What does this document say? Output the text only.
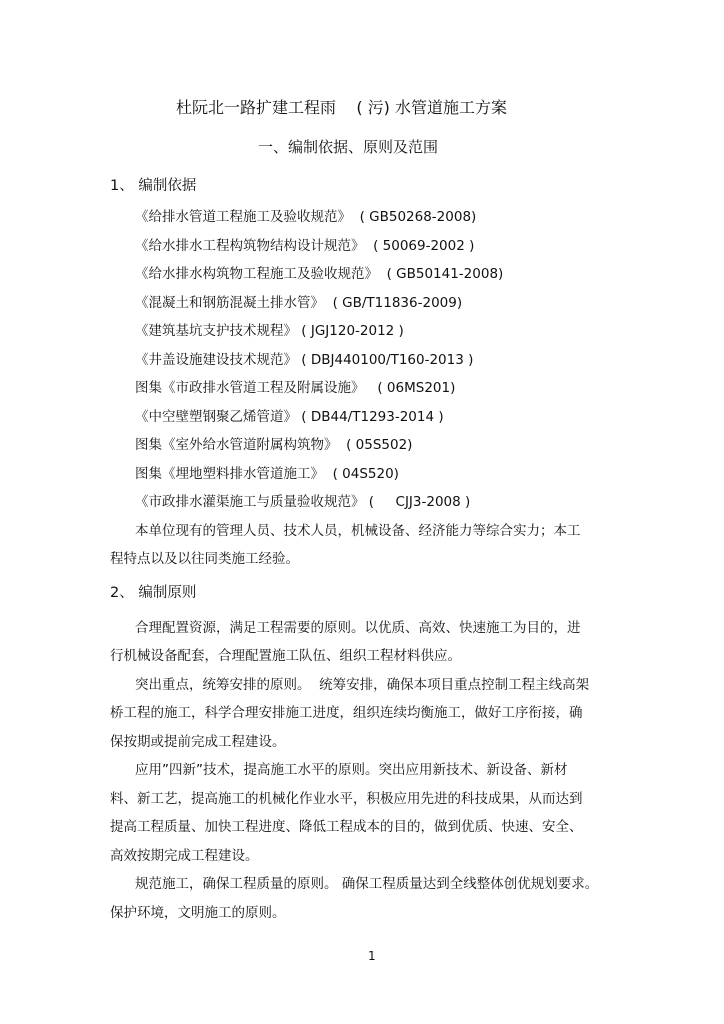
杜阮北一路扩建工程雨    ( 污) 水管道施工方案
一、编制依据、原则及范围
1、 编制依据
《给排水管道工程施工及验收规范》  ( GB50268-2008)
《给水排水工程构筑物结构设计规范》  ( 50069-2002 )
《给水排水构筑物工程施工及验收规范》  ( GB50141-2008)
《混凝土和钢筋混凝土排水管》  ( GB/T11836-2009)
《建筑基坑支护技术规程》 ( JGJ120-2012 )
《井盖设施建设技术规范》 ( DBJ440100/T160-2013 )
图集《市政排水管道工程及附属设施》   ( 06MS201)
《中空壁塑钢聚乙烯管道》 ( DB44/T1293-2014 )
图集《室外给水管道附属构筑物》  ( 05S502)
图集《埋地塑料排水管道施工》  ( 04S520)
《市政排水灌渠施工与质量验收规范》 (     CJJ3-2008 )
本单位现有的管理人员、技术人员，机械设备、经济能力等综合实力；本工
程特点以及以往同类施工经验。
2、 编制原则
合理配置资源，满足工程需要的原则。以优质、高效、快速施工为目的，进
行机械设备配套，合理配置施工队伍、组织工程材料供应。
突出重点，统筹安排的原则。  统筹安排，确保本项目重点控制工程主线高架
桥工程的施工，科学合理安排施工进度，组织连续均衡施工，做好工序衔接，确
保按期或提前完成工程建设。
应用”四新”技术，提高施工水平的原则。突出应用新技术、新设备、新材
料、新工艺，提高施工的机械化作业水平，积极应用先进的科技成果，从而达到
提高工程质量、加快工程进度、降低工程成本的目的，做到优质、快速、安全、
高效按期完成工程建设。
规范施工，确保工程质量的原则。 确保工程质量达到全线整体创优规划要求。
保护环境，文明施工的原则。
1
